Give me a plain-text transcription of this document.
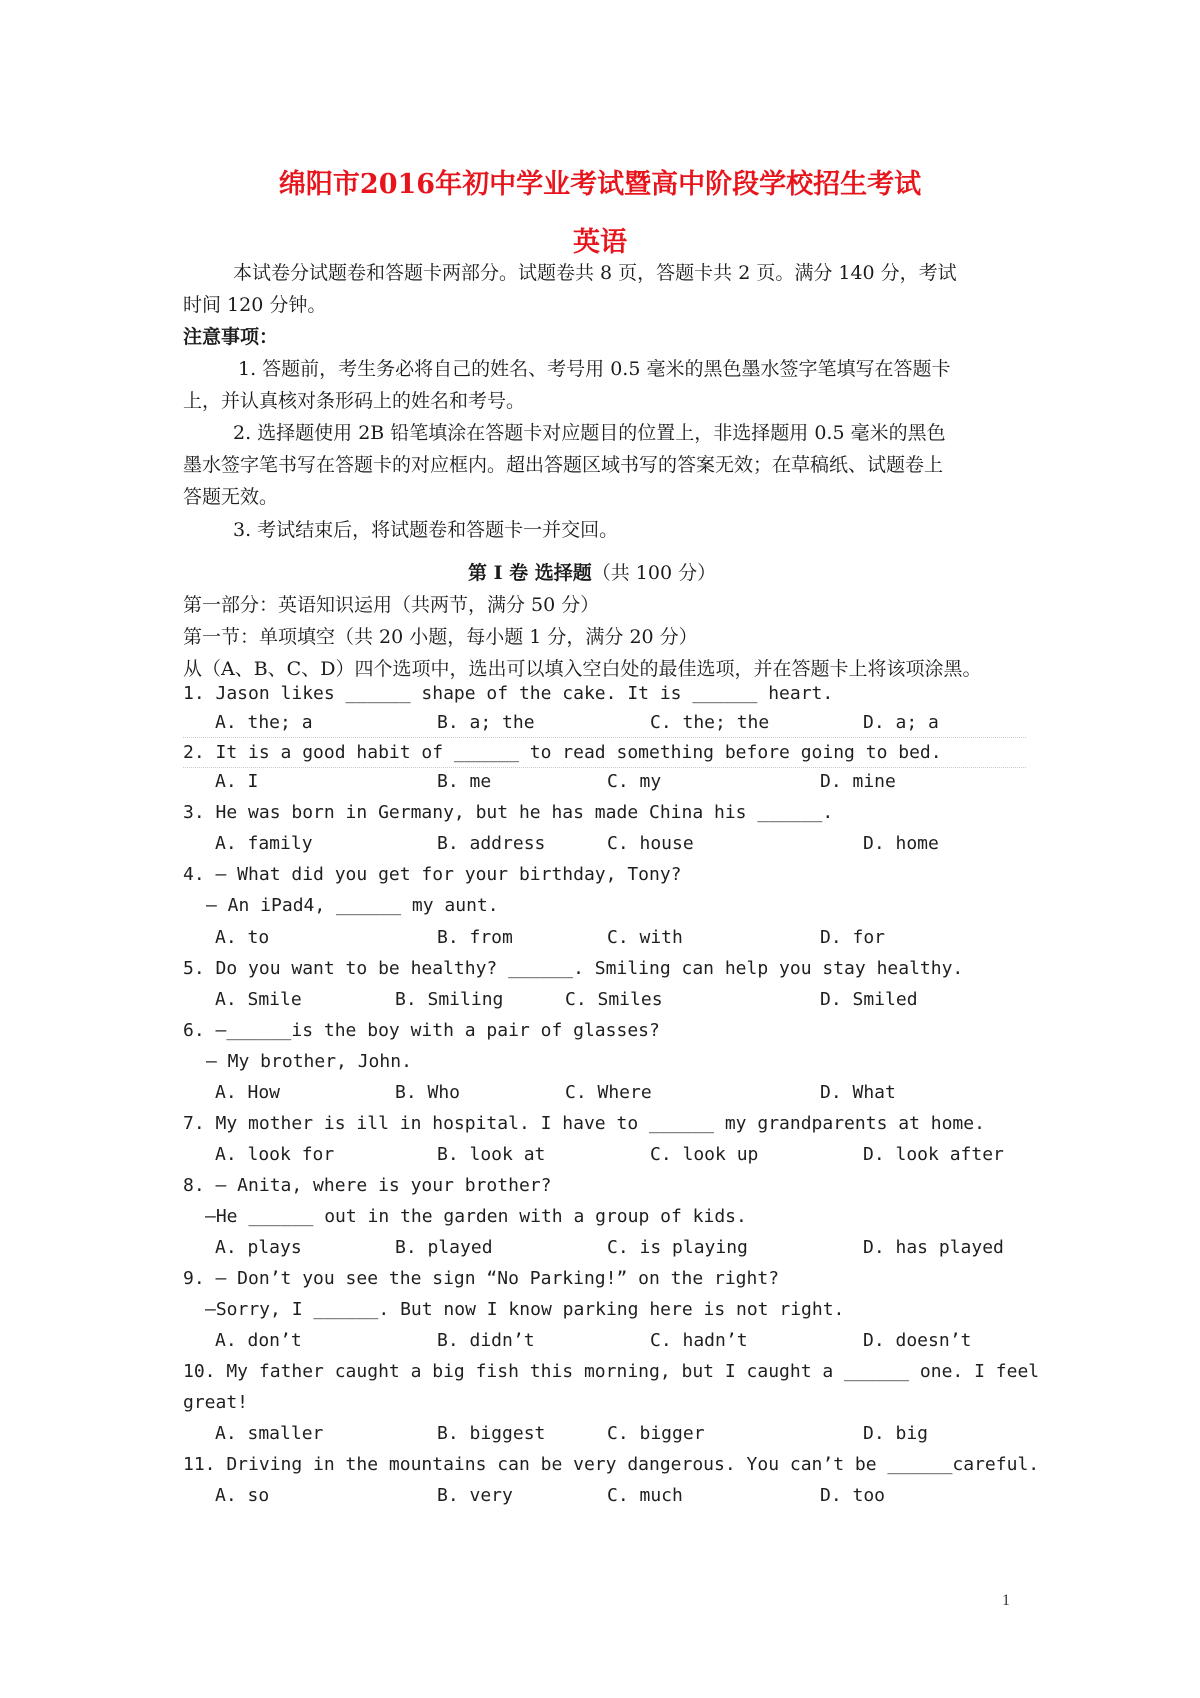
绵阳市2016年初中学业考试暨高中阶段学校招生考试
英语
本试卷分试题卷和答题卡两部分。试题卷共 8 页，答题卡共 2 页。满分 140 分，考试
时间 120 分钟。
注意事项：
1. 答题前，考生务必将自己的姓名、考号用 0.5 毫米的黑色墨水签字笔填写在答题卡
上，并认真核对条形码上的姓名和考号。
2. 选择题使用 2B 铅笔填涂在答题卡对应题目的位置上，非选择题用 0.5 毫米的黑色
墨水签字笔书写在答题卡的对应框内。超出答题区域书写的答案无效；在草稿纸、试题卷上
答题无效。
3. 考试结束后，将试题卷和答题卡一并交回。
第 I 卷 选择题（共 100 分）
第一部分：英语知识运用（共两节，满分 50 分）
第一节：单项填空（共 20 小题，每小题 1 分，满分 20 分）
从（A、B、C、D）四个选项中，选出可以填入空白处的最佳选项，并在答题卡上将该项涂黑。
1. Jason likes ______ shape of the cake. It is ______ heart.
A. the; a	B. a; the	C. the; the	D. a; a
2. It is a good habit of ______ to read something before going to bed.
A. I	B. me	C. my	D. mine
3. He was born in Germany, but he has made China his ______.
A. family	B. address	C. house	D. home
4. — What did you get for your birthday, Tony?
— An iPad4, ______ my aunt.
A. to	B. from	C. with	D. for
5. Do you want to be healthy? ______. Smiling can help you stay healthy.
A. Smile	B. Smiling	C. Smiles	D. Smiled
6. —______is the boy with a pair of glasses?
— My brother, John.
A. How	B. Who	C. Where	D. What
7. My mother is ill in hospital. I have to ______ my grandparents at home.
A. look for	B. look at	C. look up	D. look after
8. — Anita, where is your brother?
—He ______ out in the garden with a group of kids.
A. plays	B. played	C. is playing	D. has played
9. — Don’t you see the sign “No Parking!” on the right?
—Sorry, I ______. But now I know parking here is not right.
A. don’t	B. didn’t	C. hadn’t	D. doesn’t
10. My father caught a big fish this morning, but I caught a ______ one. I feel
great!
A. smaller	B. biggest	C. bigger	D. big
11. Driving in the mountains can be very dangerous. You can’t be ______careful.
A. so	B. very	C. much	D. too
1
